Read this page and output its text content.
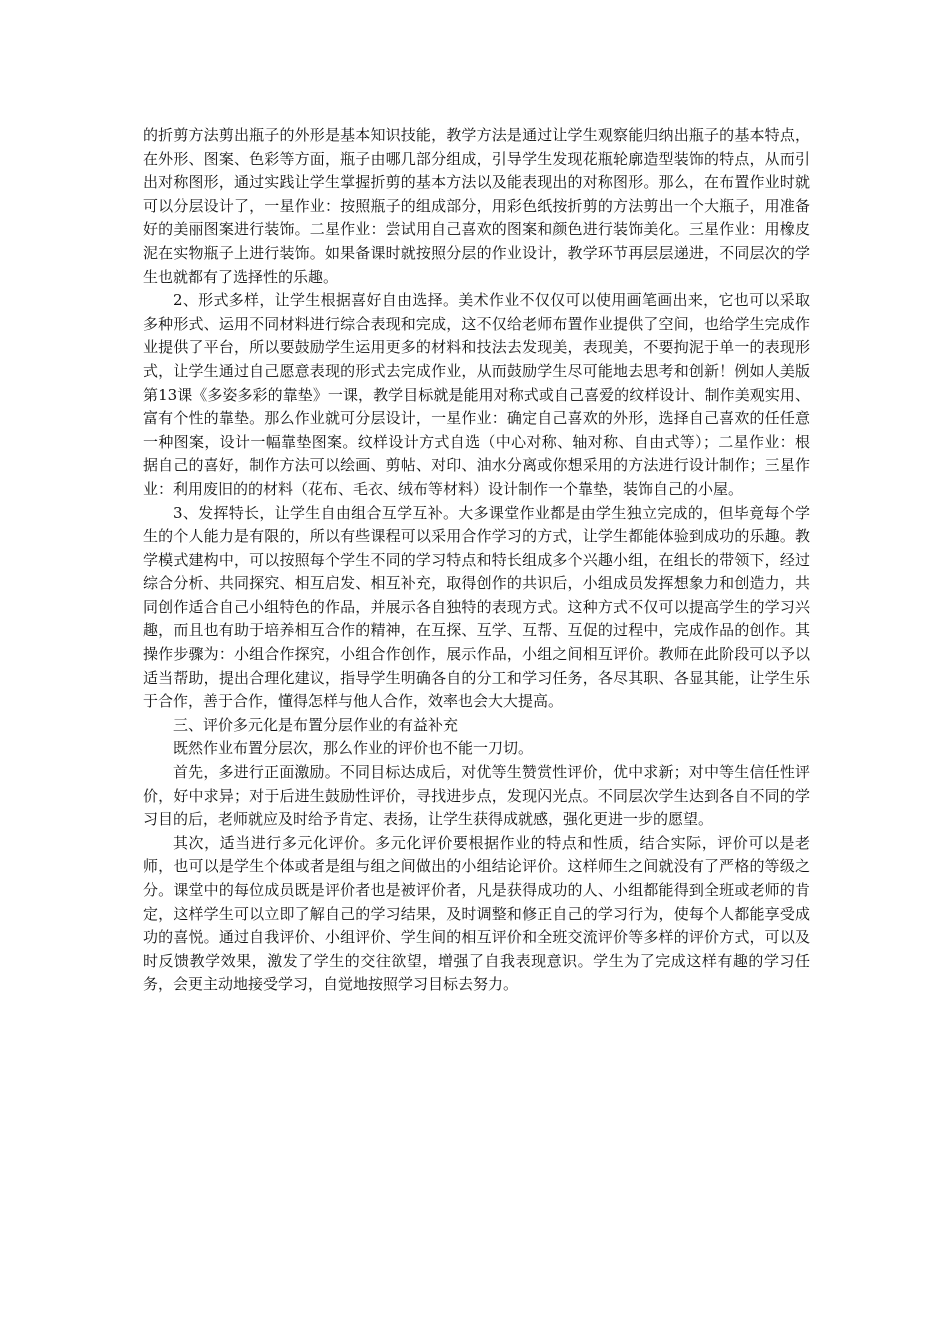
的折剪方法剪出瓶子的外形是基本知识技能，教学方法是通过让学生观察能归纳出瓶子的基本特点，在外形、图案、色彩等方面，瓶子由哪几部分组成，引导学生发现花瓶轮廓造型装饰的特点，从而引出对称图形，通过实践让学生掌握折剪的基本方法以及能表现出的对称图形。那么，在布置作业时就可以分层设计了，一星作业：按照瓶子的组成部分，用彩色纸按折剪的方法剪出一个大瓶子，用准备好的美丽图案进行装饰。二星作业：尝试用自己喜欢的图案和颜色进行装饰美化。三星作业：用橡皮泥在实物瓶子上进行装饰。如果备课时就按照分层的作业设计，教学环节再层层递进，不同层次的学生也就都有了选择性的乐趣。

2、形式多样，让学生根据喜好自由选择。美术作业不仅仅可以使用画笔画出来，它也可以采取多种形式、运用不同材料进行综合表现和完成，这不仅给老师布置作业提供了空间，也给学生完成作业提供了平台，所以要鼓励学生运用更多的材料和技法去发现美，表现美，不要拘泥于单一的表现形式，让学生通过自己愿意表现的形式去完成作业，从而鼓励学生尽可能地去思考和创新！例如人美版第13课《多姿多彩的靠垫》一课，教学目标就是能用对称式或自己喜爱的纹样设计、制作美观实用、富有个性的靠垫。那么作业就可分层设计，一星作业：确定自己喜欢的外形，选择自己喜欢的任任意一种图案，设计一幅靠垫图案。纹样设计方式自选（中心对称、轴对称、自由式等）；二星作业：根据自己的喜好，制作方法可以绘画、剪帖、对印、油水分离或你想采用的方法进行设计制作；三星作业：利用废旧的的材料（花布、毛衣、绒布等材料）设计制作一个靠垫，装饰自己的小屋。

3、发挥特长，让学生自由组合互学互补。大多课堂作业都是由学生独立完成的，但毕竟每个学生的个人能力是有限的，所以有些课程可以采用合作学习的方式，让学生都能体验到成功的乐趣。教学模式建构中，可以按照每个学生不同的学习特点和特长组成多个兴趣小组，在组长的带领下，经过综合分析、共同探究、相互启发、相互补充，取得创作的共识后，小组成员发挥想象力和创造力，共同创作适合自己小组特色的作品，并展示各自独特的表现方式。这种方式不仅可以提高学生的学习兴趣，而且也有助于培养相互合作的精神，在互探、互学、互帮、互促的过程中，完成作品的创作。其操作步骤为：小组合作探究，小组合作创作，展示作品，小组之间相互评价。教师在此阶段可以予以适当帮助，提出合理化建议，指导学生明确各自的分工和学习任务，各尽其职、各显其能，让学生乐于合作，善于合作，懂得怎样与他人合作，效率也会大大提高。

三、评价多元化是布置分层作业的有益补充

既然作业布置分层次，那么作业的评价也不能一刀切。

首先，多进行正面激励。不同目标达成后，对优等生赞赏性评价，优中求新；对中等生信任性评价，好中求异；对于后进生鼓励性评价，寻找进步点，发现闪光点。不同层次学生达到各自不同的学习目的后，老师就应及时给予肯定、表扬，让学生获得成就感，强化更进一步的愿望。

其次，适当进行多元化评价。多元化评价要根据作业的特点和性质，结合实际，评价可以是老师，也可以是学生个体或者是组与组之间做出的小组结论评价。这样师生之间就没有了严格的等级之分。课堂中的每位成员既是评价者也是被评价者，凡是获得成功的人、小组都能得到全班或老师的肯定，这样学生可以立即了解自己的学习结果，及时调整和修正自己的学习行为，使每个人都能享受成功的喜悦。通过自我评价、小组评价、学生间的相互评价和全班交流评价等多样的评价方式，可以及时反馈教学效果，激发了学生的交往欲望，增强了自我表现意识。学生为了完成这样有趣的学习任务，会更主动地接受学习，自觉地按照学习目标去努力。
